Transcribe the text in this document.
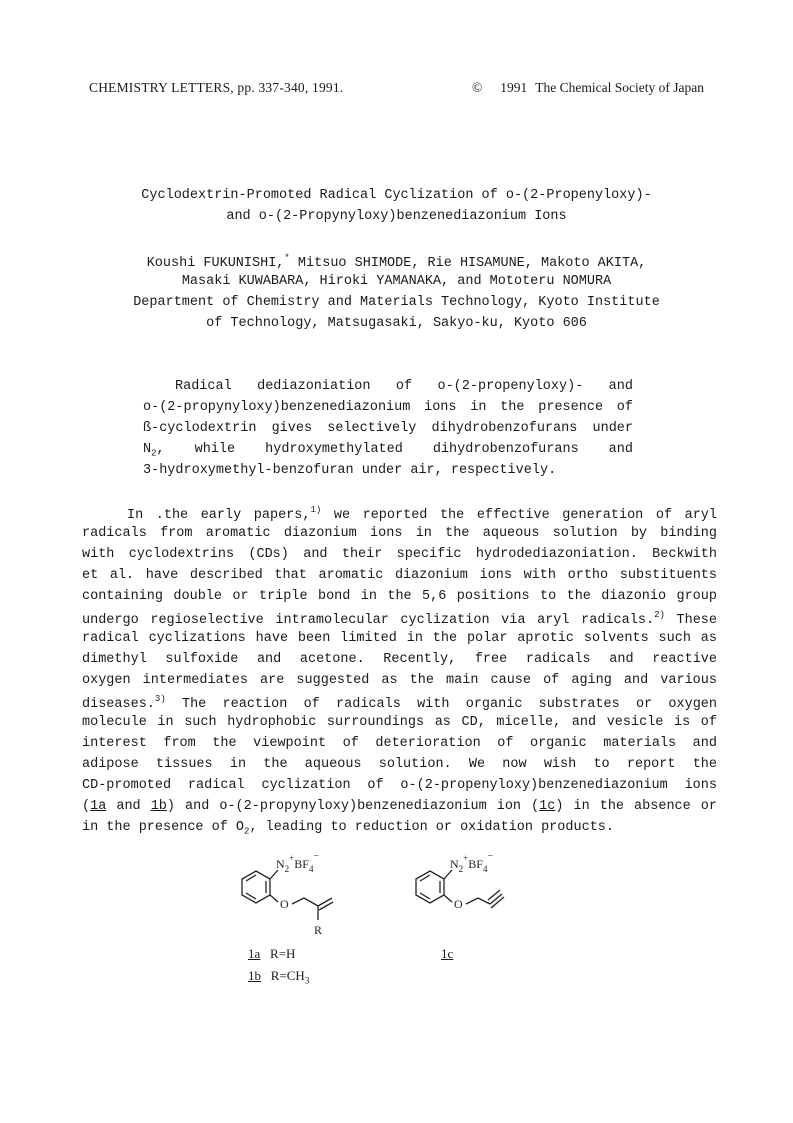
CHEMISTRY LETTERS, pp. 337-340, 1991.	© 1991 The Chemical Society of Japan
Cyclodextrin-Promoted Radical Cyclization of o-(2-Propenyloxy)-
and o-(2-Propynyloxy)benzenediazonium Ions
Koushi FUKUNISHI,* Mitsuo SHIMODE, Rie HISAMUNE, Makoto AKITA,
Masaki KUWABARA, Hiroki YAMANAKA, and Mototeru NOMURA
Department of Chemistry and Materials Technology, Kyoto Institute
of Technology, Matsugasaki, Sakyo-ku, Kyoto 606
Radical dediazoniation of o-(2-propenyloxy)- and
o-(2-propynyloxy)benzenediazonium ions in the presence of
ß-cyclodextrin gives selectively dihydrobenzofurans under
$N_2$, while hydroxymethylated dihydrobenzofurans and
3-hydroxymethyl-benzofuran under air, respectively.
In .the early papers,$^{1)}$ we reported the effective generation of aryl
radicals from aromatic diazonium ions in the aqueous solution by binding
with cyclodextrins (CDs) and their specific hydrodediazoniation. Beckwith
et al. have described that aromatic diazonium ions with ortho substituents
containing double or triple bond in the 5,6 positions to the diazonio group
undergo regioselective intramolecular cyclization via aryl radicals.$^{2)}$ These
radical cyclizations have been limited in the polar aprotic solvents such as
dimethyl sulfoxide and acetone. Recently, free radicals and reactive
oxygen intermediates are suggested as the main cause of aging and various
diseases.$^{3)}$ The reaction of radicals with organic substrates or oxygen
molecule in such hydrophobic surroundings as CD, micelle, and vesicle is of
interest from the viewpoint of deterioration of organic materials and
adipose tissues in the aqueous solution. We now wish to report the
CD-promoted radical cyclization of o-(2-propenyloxy)benzenediazonium ions
(1a and 1b) and o-(2-propynyloxy)benzenediazonium ion (1c) in the absence or
in the presence of $O_2$, leading to reduction or oxidation products.
$N_2^+BF_4^-$
O
R
$N_2^+BF_4^-$
O
1a R=H
1b $R=CH_3$
1c
